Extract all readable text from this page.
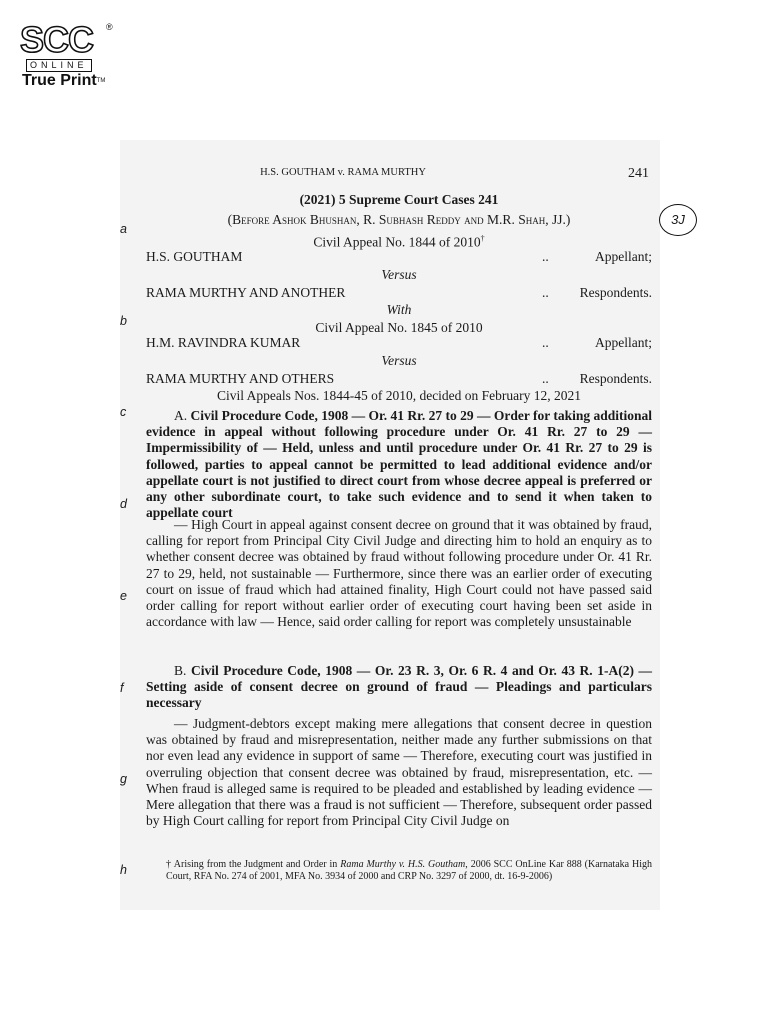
SCC ®
ONLINE
True Print™
H.S. GOUTHAM v. RAMA MURTHY	241
(2021) 5 Supreme Court Cases 241
(Before Ashok Bhushan, R. Subhash Reddy and M.R. Shah, JJ.)	3J
Civil Appeal No. 1844 of 2010†
H.S. GOUTHAM	..	Appellant;
Versus
RAMA MURTHY AND ANOTHER	.. Respondents.
With
Civil Appeal No. 1845 of 2010
H.M. RAVINDRA KUMAR	..	Appellant;
Versus
RAMA MURTHY AND OTHERS	.. Respondents.
Civil Appeals Nos. 1844-45 of 2010, decided on February 12, 2021
a
b
c
d
e
f
g
h

A. Civil Procedure Code, 1908 — Or. 41 Rr. 27 to 29 — Order for taking additional evidence in appeal without following procedure under Or. 41 Rr. 27 to 29 — Impermissibility of — Held, unless and until procedure under Or. 41 Rr. 27 to 29 is followed, parties to appeal cannot be permitted to lead additional evidence and/or appellate court is not justified to direct court from whose decree appeal is preferred or any other subordinate court, to take such evidence and to send it when taken to appellate court

— High Court in appeal against consent decree on ground that it was obtained by fraud, calling for report from Principal City Civil Judge and directing him to hold an enquiry as to whether consent decree was obtained by fraud without following procedure under Or. 41 Rr. 27 to 29, held, not sustainable — Furthermore, since there was an earlier order of executing court on issue of fraud which had attained finality, High Court could not have passed said order calling for report without earlier order of executing court having been set aside in accordance with law — Hence, said order calling for report was completely unsustainable

B. Civil Procedure Code, 1908 — Or. 23 R. 3, Or. 6 R. 4 and Or. 43 R. 1-A(2) — Setting aside of consent decree on ground of fraud — Pleadings and particulars necessary

— Judgment-debtors except making mere allegations that consent decree in question was obtained by fraud and misrepresentation, neither made any further submissions on that nor even lead any evidence in support of same — Therefore, executing court was justified in overruling objection that consent decree was obtained by fraud, misrepresentation, etc. — When fraud is alleged same is required to be pleaded and established by leading evidence — Mere allegation that there was a fraud is not sufficient — Therefore, subsequent order passed by High Court calling for report from Principal City Civil Judge on

† Arising from the Judgment and Order in Rama Murthy v. H.S. Goutham, 2006 SCC OnLine Kar 888 (Karnataka High Court, RFA No. 274 of 2001, MFA No. 3934 of 2000 and CRP No. 3297 of 2000, dt. 16-9-2006)
